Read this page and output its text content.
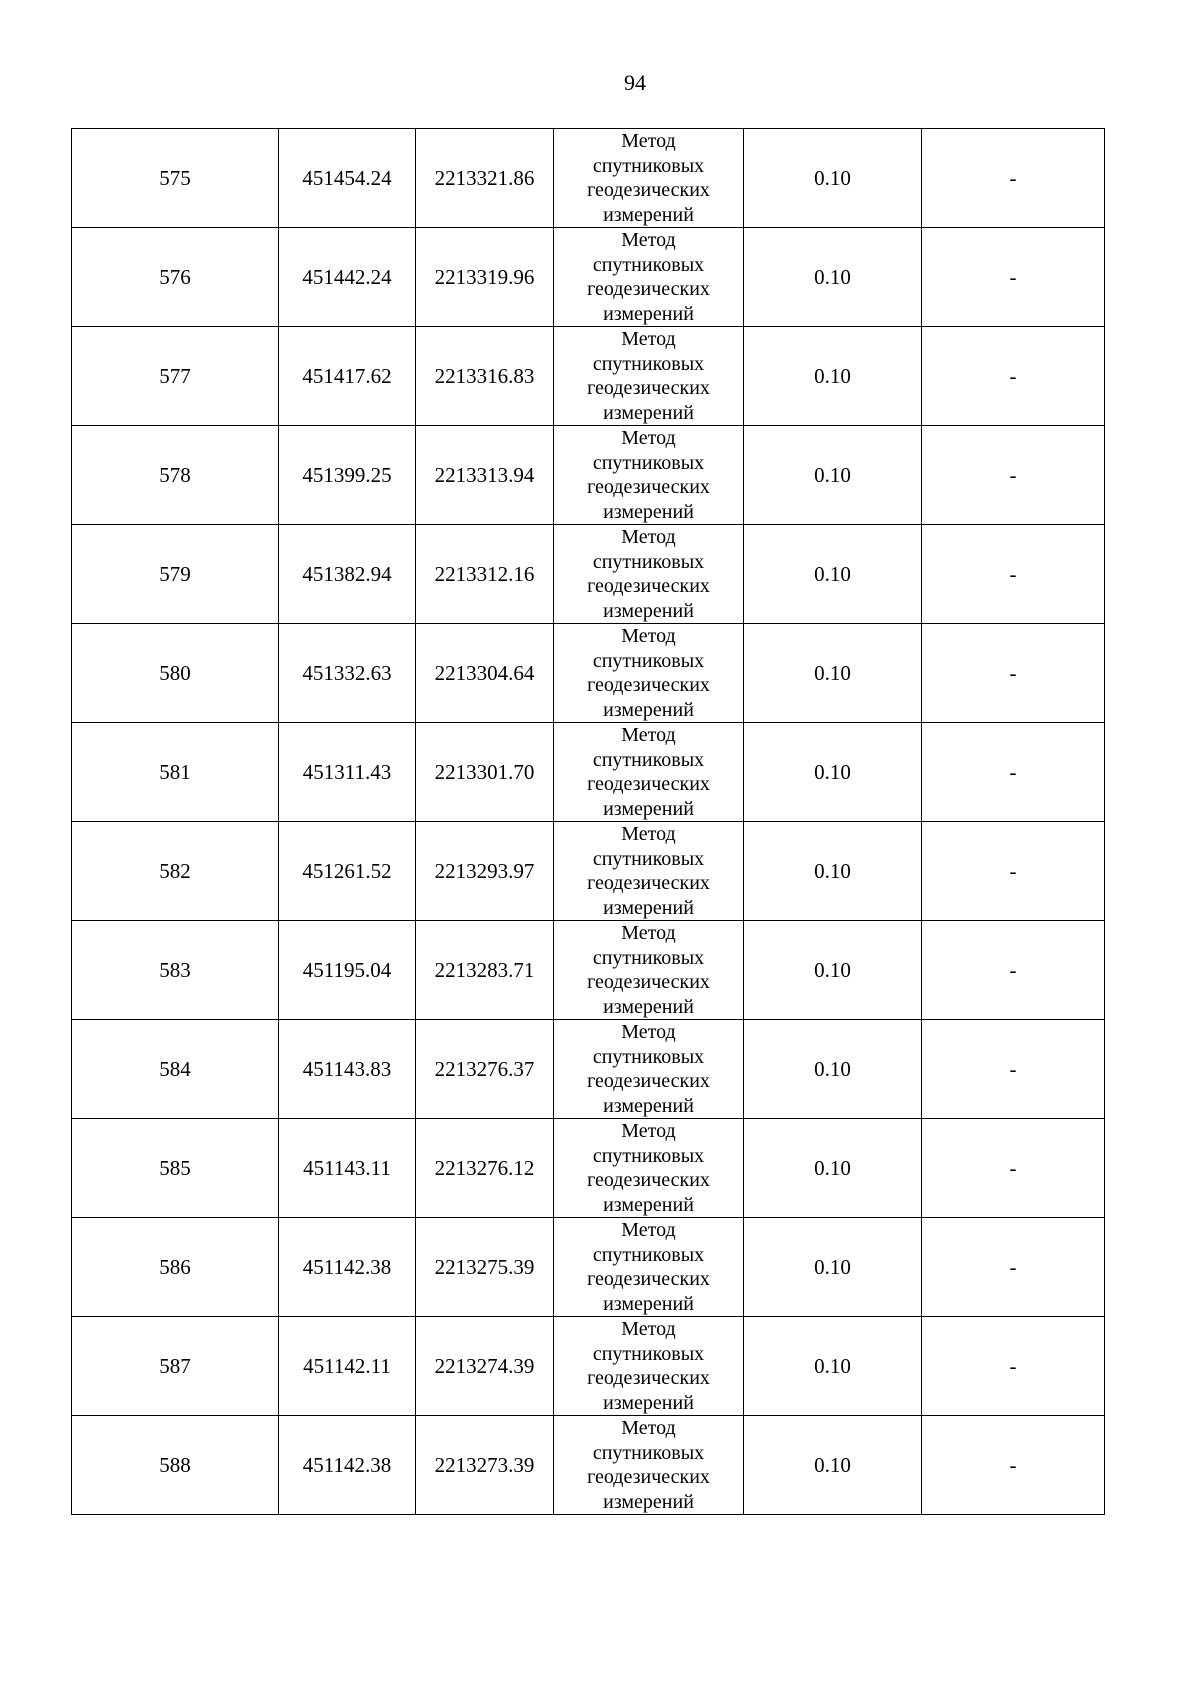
94
575	451454.24	2213321.86	Метод
спутниковых
геодезических
измерений	0.10	-
576	451442.24	2213319.96	Метод
спутниковых
геодезических
измерений	0.10	-
577	451417.62	2213316.83	Метод
спутниковых
геодезических
измерений	0.10	-
578	451399.25	2213313.94	Метод
спутниковых
геодезических
измерений	0.10	-
579	451382.94	2213312.16	Метод
спутниковых
геодезических
измерений	0.10	-
580	451332.63	2213304.64	Метод
спутниковых
геодезических
измерений	0.10	-
581	451311.43	2213301.70	Метод
спутниковых
геодезических
измерений	0.10	-
582	451261.52	2213293.97	Метод
спутниковых
геодезических
измерений	0.10	-
583	451195.04	2213283.71	Метод
спутниковых
геодезических
измерений	0.10	-
584	451143.83	2213276.37	Метод
спутниковых
геодезических
измерений	0.10	-
585	451143.11	2213276.12	Метод
спутниковых
геодезических
измерений	0.10	-
586	451142.38	2213275.39	Метод
спутниковых
геодезических
измерений	0.10	-
587	451142.11	2213274.39	Метод
спутниковых
геодезических
измерений	0.10	-
588	451142.38	2213273.39	Метод
спутниковых
геодезических
измерений	0.10	-
